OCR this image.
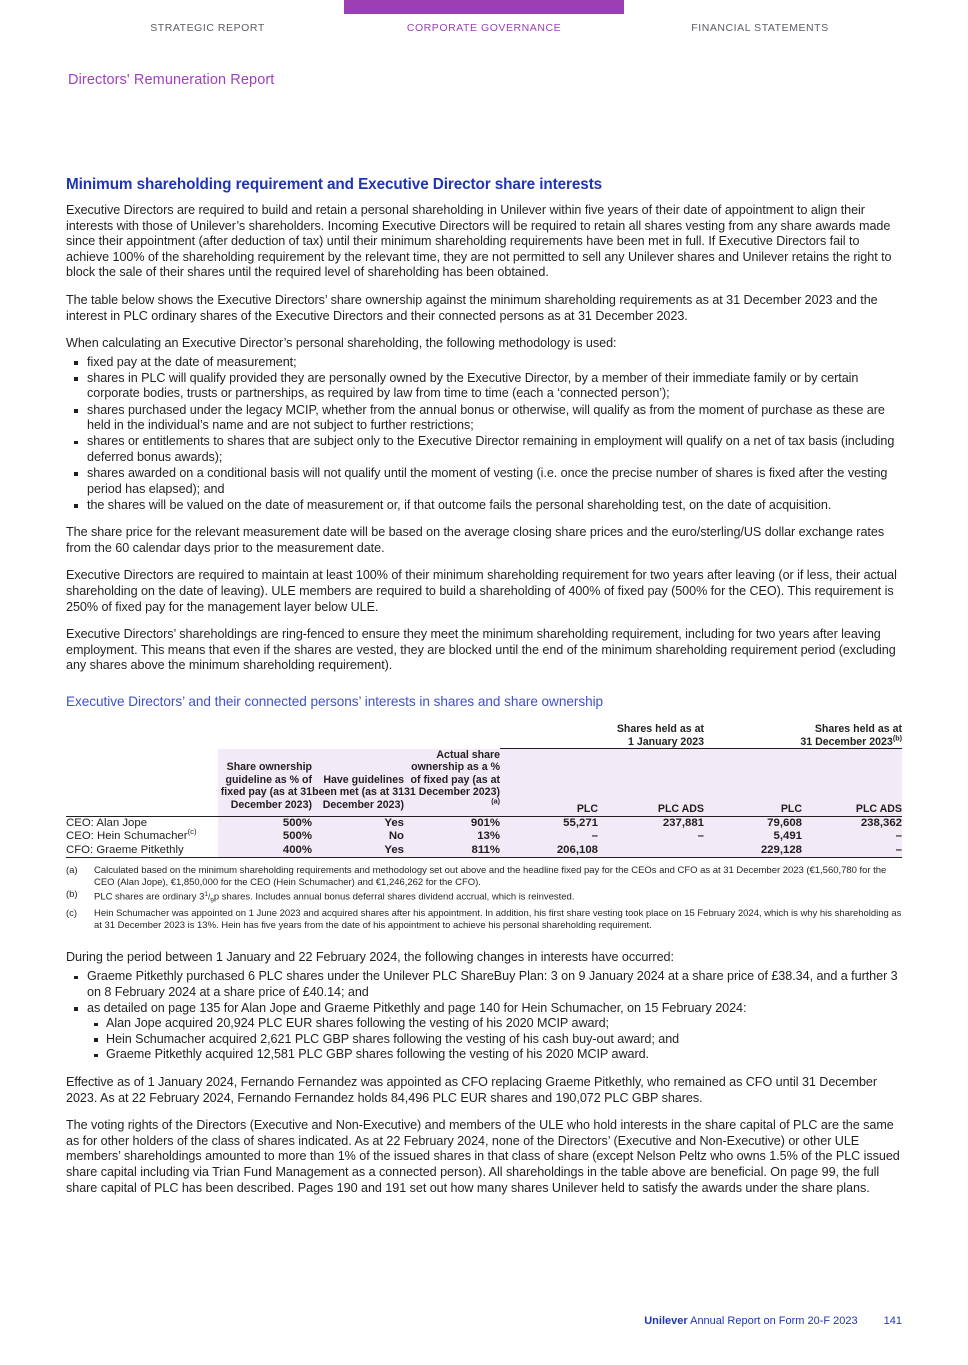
STRATEGIC REPORT	CORPORATE GOVERNANCE	FINANCIAL STATEMENTS
Directors' Remuneration Report
Minimum shareholding requirement and Executive Director share interests

Executive Directors are required to build and retain a personal shareholding in Unilever within five years of their date of appointment to align their interests with those of Unilever’s shareholders. Incoming Executive Directors will be required to retain all shares vesting from any share awards made since their appointment (after deduction of tax) until their minimum shareholding requirements have been met in full. If Executive Directors fail to achieve 100% of the shareholding requirement by the relevant time, they are not permitted to sell any Unilever shares and Unilever retains the right to block the sale of their shares until the required level of shareholding has been obtained.

The table below shows the Executive Directors’ share ownership against the minimum shareholding requirements as at 31 December 2023 and the interest in PLC ordinary shares of the Executive Directors and their connected persons as at 31 December 2023.

When calculating an Executive Director’s personal shareholding, the following methodology is used:

fixed pay at the date of measurement;
shares in PLC will qualify provided they are personally owned by the Executive Director, by a member of their immediate family or by certain corporate bodies, trusts or partnerships, as required by law from time to time (each a ‘connected person’);
shares purchased under the legacy MCIP, whether from the annual bonus or otherwise, will qualify as from the moment of purchase as these are held in the individual’s name and are not subject to further restrictions;
shares or entitlements to shares that are subject only to the Executive Director remaining in employment will qualify on a net of tax basis (including deferred bonus awards);
shares awarded on a conditional basis will not qualify until the moment of vesting (i.e. once the precise number of shares is fixed after the vesting period has elapsed); and
the shares will be valued on the date of measurement or, if that outcome fails the personal shareholding test, on the date of acquisition.

The share price for the relevant measurement date will be based on the average closing share prices and the euro/sterling/US dollar exchange rates from the 60 calendar days prior to the measurement date.

Executive Directors are required to maintain at least 100% of their minimum shareholding requirement for two years after leaving (or if less, their actual shareholding on the date of leaving). ULE members are required to build a shareholding of 400% of fixed pay (500% for the CEO). This requirement is 250% of fixed pay for the management layer below ULE.

Executive Directors’ shareholdings are ring-fenced to ensure they meet the minimum shareholding requirement, including for two years after leaving employment. This means that even if the shares are vested, they are blocked until the end of the minimum shareholding requirement period (excluding any shares above the minimum shareholding requirement).

Executive Directors’ and their connected persons’ interests in shares and share ownership
				Shares held as at
1 January 2023		Shares held as at
31 December 2023$^{(b)}$
	Share ownership guideline as % of fixed pay (as at 31 December 2023)	Have guidelines been met (as at 31 December 2023)	Actual share ownership as a % of fixed pay (as at 31 December 2023)$^{(a)}$	PLC	PLC ADS	PLC	PLC ADS
CEO: Alan Jope	500%	Yes	901%	55,271	237,881	79,608	238,362
CEO: Hein Schumacher$^{(c)}$	500%	No	13%	–	–	5,491	–
CFO: Graeme Pitkethly	400%	Yes	811%	206,108		229,128	–
(a)	Calculated based on the minimum shareholding requirements and methodology set out above and the headline fixed pay for the CEOs and CFO as at 31 December 2023 (€1,560,780 for the CEO (Alan Jope), €1,850,000 for the CEO (Hein Schumacher) and €1,246,262 for the CFO).
(b)	PLC shares are ordinary $3^1/_9p$ shares. Includes annual bonus deferral shares dividend accrual, which is reinvested.
(c)	Hein Schumacher was appointed on 1 June 2023 and acquired shares after his appointment. In addition, his first share vesting took place on 15 February 2024, which is why his shareholding as at 31 December 2023 is 13%. Hein has five years from the date of his appointment to achieve his personal shareholding requirement.

During the period between 1 January and 22 February 2024, the following changes in interests have occurred:

Graeme Pitkethly purchased 6 PLC shares under the Unilever PLC ShareBuy Plan: 3 on 9 January 2024 at a share price of £38.34, and a further 3 on 8 February 2024 at a share price of £40.14; and
as detailed on page 135 for Alan Jope and Graeme Pitkethly and page 140 for Hein Schumacher, on 15 February 2024:
Alan Jope acquired 20,924 PLC EUR shares following the vesting of his 2020 MCIP award;
Hein Schumacher acquired 2,621 PLC GBP shares following the vesting of his cash buy-out award; and
Graeme Pitkethly acquired 12,581 PLC GBP shares following the vesting of his 2020 MCIP award.

Effective as of 1 January 2024, Fernando Fernandez was appointed as CFO replacing Graeme Pitkethly, who remained as CFO until 31 December 2023. As at 22 February 2024, Fernando Fernandez holds 84,496 PLC EUR shares and 190,072 PLC GBP shares.

The voting rights of the Directors (Executive and Non-Executive) and members of the ULE who hold interests in the share capital of PLC are the same as for other holders of the class of shares indicated. As at 22 February 2024, none of the Directors’ (Executive and Non-Executive) or other ULE members’ shareholdings amounted to more than 1% of the issued shares in that class of share (except Nelson Peltz who owns 1.5% of the PLC issued share capital including via Trian Fund Management as a connected person). All shareholdings in the table above are beneficial. On page 99, the full share capital of PLC has been described. Pages 190 and 191 set out how many shares Unilever held to satisfy the awards under the share plans.

Unilever Annual Report on Form 20-F 2023 141
